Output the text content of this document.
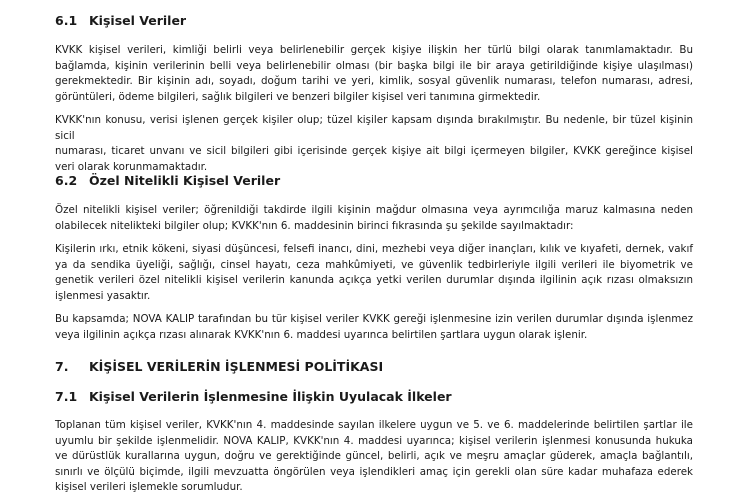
6.1 Kişisel Veriler

KVKK kişisel verileri, kimliği belirli veya belirlenebilir gerçek kişiye ilişkin her türlü bilgi olarak tanımlamaktadır. Bu
bağlamda, kişinin verilerinin belli veya belirlenebilir olması (bir başka bilgi ile bir araya getirildiğinde kişiye ulaşılması)
gerekmektedir. Bir kişinin adı, soyadı, doğum tarihi ve yeri, kimlik, sosyal güvenlik numarası, telefon numarası, adresi,
görüntüleri, ödeme bilgileri, sağlık bilgileri ve benzeri bilgiler kişisel veri tanımına girmektedir.

KVKK'nın konusu, verisi işlenen gerçek kişiler olup; tüzel kişiler kapsam dışında bırakılmıştır. Bu nedenle, bir tüzel kişinin sicil
numarası, ticaret unvanı ve sicil bilgileri gibi içerisinde gerçek kişiye ait bilgi içermeyen bilgiler, KVKK gereğince kişisel
veri olarak korunmamaktadır.

6.2 Özel Nitelikli Kişisel Veriler

Özel nitelikli kişisel veriler; öğrenildiği takdirde ilgili kişinin mağdur olmasına veya ayrımcılığa maruz kalmasına neden
olabilecek nitelikteki bilgiler olup; KVKK'nın 6. maddesinin birinci fıkrasında şu şekilde sayılmaktadır:

Kişilerin ırkı, etnik kökeni, siyasi düşüncesi, felsefi inancı, dini, mezhebi veya diğer inançları, kılık ve kıyafeti, dernek, vakıf
ya da sendika üyeliği, sağlığı, cinsel hayatı, ceza mahkûmiyeti, ve güvenlik tedbirleriyle ilgili verileri ile biyometrik ve
genetik verileri özel nitelikli kişisel verilerin kanunda açıkça yetki verilen durumlar dışında ilgilinin açık rızası olmaksızın
işlenmesi yasaktır.

Bu kapsamda; NOVA KALIP tarafından bu tür kişisel veriler KVKK gereği işlenmesine izin verilen durumlar dışında işlenmez
veya ilgilinin açıkça rızası alınarak KVKK'nın 6. maddesi uyarınca belirtilen şartlara uygun olarak işlenir.

7. KİŞİSEL VERİLERİN İŞLENMESİ POLİTİKASI
7.1 Kişisel Verilerin İşlenmesine İlişkin Uyulacak İlkeler

Toplanan tüm kişisel veriler, KVKK'nın 4. maddesinde sayılan ilkelere uygun ve 5. ve 6. maddelerinde belirtilen şartlar ile
uyumlu bir şekilde işlenmelidir. NOVA KALIP, KVKK'nın 4. maddesi uyarınca; kişisel verilerin işlenmesi konusunda hukuka
ve dürüstlük kurallarına uygun, doğru ve gerektiğinde güncel, belirli, açık ve meşru amaçlar güderek, amaçla bağlantılı,
sınırlı ve ölçülü biçimde, ilgili mevzuatta öngörülen veya işlendikleri amaç için gerekli olan süre kadar muhafaza ederek
kişisel verileri işlemekle sorumludur.
